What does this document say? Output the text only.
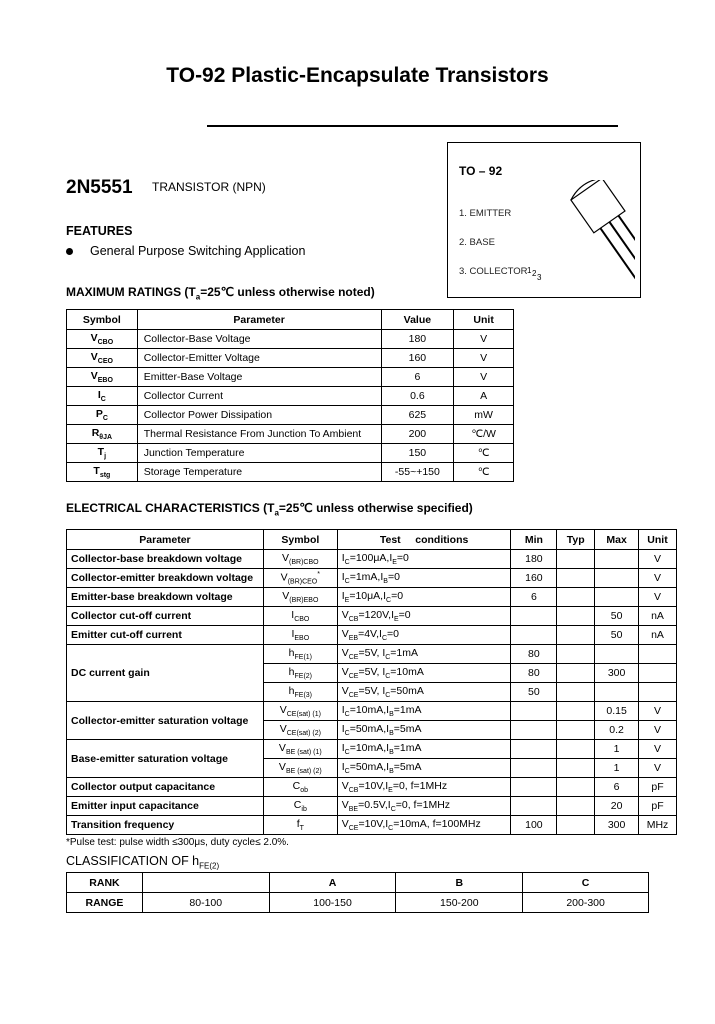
TO-92 Plastic-Encapsulate Transistors
TO – 92
1. EMITTER
2. BASE
3. COLLECTOR 1 2 3
2N5551 TRANSISTOR (NPN)
FEATURES
General Purpose Switching Application
MAXIMUM RATINGS ($T_a=25℃$ unless otherwise noted)
Symbol	Parameter	Value	Unit
$V_{CBO}$	Collector-Base Voltage	180	V
$V_{CEO}$	Collector-Emitter Voltage	160	V
$V_{EBO}$	Emitter-Base Voltage	6	V
$I_C$	Collector Current	0.6	A
$P_C$	Collector Power Dissipation	625	mW
$R_{\theta JA}$	Thermal Resistance From Junction To Ambient	200	℃/W
$T_j$	Junction Temperature	150	℃
$T_{stg}$	Storage Temperature	-55~+150	℃
ELECTRICAL CHARACTERISTICS ($T_a=25℃$ unless otherwise specified)
Parameter	Symbol	Test     conditions	Min	Typ	Max	Unit
Collector-base breakdown voltage	$V_{(BR)CBO}$	$I_C=100\mu A,I_E=0$	180			V
Collector-emitter breakdown voltage	$V_{(BR)CEO}^*$	$I_C=1mA,I_B=0$	160			V
Emitter-base breakdown voltage	$V_{(BR)EBO}$	$I_E=10\mu A,I_C=0$	6			V
Collector cut-off current	$I_{CBO}$	$V_{CB}=120V,I_E=0$			50	nA
Emitter cut-off current	$I_{EBO}$	$V_{EB}=4V,I_C=0$			50	nA
DC current gain	$h_{FE(1)}$	$V_{CE}=5V$, $I_C=1mA$	80			
	$h_{FE(2)}$	$V_{CE}=5V$, $I_C=10mA$	80		300	
	$h_{FE(3)}$	$V_{CE}=5V$, $I_C=50mA$	50			
Collector-emitter saturation voltage	$V_{CE(sat) (1)}$	$I_C=10mA,I_B=1mA$			0.15	V
	$V_{CE(sat) (2)}$	$I_C=50mA,I_B=5mA$			0.2	V
Base-emitter saturation voltage	$V_{BE (sat) (1)}$	$I_C=10mA,I_B=1mA$			1	V
	$V_{BE (sat) (2)}$	$I_C=50mA,I_B=5mA$			1	V
Collector output capacitance	$C_{ob}$	$V_{CB}=10V,I_E=0$, f=1MHz			6	pF
Emitter input capacitance	$C_{ib}$	$V_{BE}=0.5V,I_C=0$, f=1MHz			20	pF
Transition frequency	$f_T$	$V_{CE}=10V,I_C=10mA$, f=100MHz	100		300	MHz
*Pulse test: pulse width ≤300μs, duty cycle≤ 2.0%.
CLASSIFICATION OF $h_{FE(2)}$
RANK		A	B	C
RANGE	80-100	100-150	150-200	200-300
